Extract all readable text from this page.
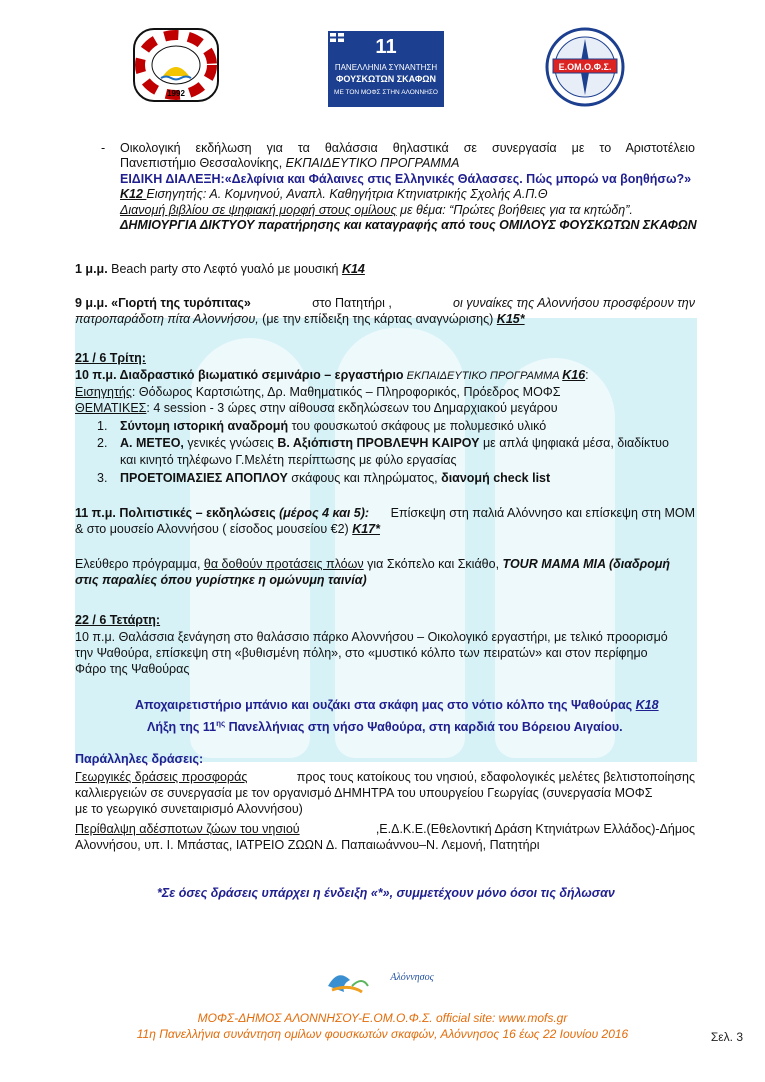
1992
11
ΠΑΝΕΛΛΗΝΙΑ ΣΥΝΑΝΤΗΣΗ
ΦΟΥΣΚΩΤΩΝ ΣΚΑΦΩΝ
ΜΕ ΤΟΝ ΜΟΦΣ ΣΤΗΝ ΑΛΟΝΝΗΣΟ
Ε.ΟΜ.Ο.Φ.Σ.
- Οικολογική εκδήλωση για τα θαλάσσια θηλαστικά σε συνεργασία με το Αριστοτέλειο
Πανεπιστήμιο Θεσσαλονίκης, ΕΚΠΑΙΔΕΥΤΙΚΟ ΠΡΟΓΡΑΜΜΑ
ΕΙΔΙΚΗ ΔΙΑΛΕΞΗ:«Δελφίνια και Φάλαινες στις Ελληνικές Θάλασσες. Πώς μπορώ να βοηθήσω?»
Κ12 Εισηγητής: Α. Κομνηνού, Αναπλ. Καθηγήτρια Κτηνιατρικής Σχολής Α.Π.Θ
Διανομή βιβλίου σε ψηφιακή μορφή στους ομίλους με θέμα: “Πρώτες βοήθειες για τα κητώδη”.
ΔΗΜΙΟΥΡΓΙΑ ΔΙΚΤΥΟΥ παρατήρησης και καταγραφής από τους ΟΜΙΛΟΥΣ ΦΟΥΣΚΩΤΩΝ ΣΚΑΦΩΝ
1 μ.μ. Beach party στο Λεφτό γυαλό με μουσική Κ14
9 μ.μ. «Γιορτή της τυρόπιτας»	στο Πατητήρι ,	οι γυναίκες της Αλοννήσου προσφέρουν την
πατροπαράδοτη πίτα Αλοννήσου, (με την επίδειξη της κάρτας αναγνώρισης) Κ15*
21 / 6 Τρίτη:
10 π.μ. Διαδραστικό βιωματικό σεμινάριο – εργαστήριο ΕΚΠΑΙΔΕΥΤΙΚΟ ΠΡΟΓΡΑΜΜΑ Κ16:
Εισηγητής: Θόδωρος Καρτσιώτης, Δρ. Μαθηματικός – Πληροφορικός, Πρόεδρος ΜΟΦΣ
ΘΕΜΑΤΙΚΕΣ: 4 session - 3 ώρες στην αίθουσα εκδηλώσεων του Δημαρχιακού μεγάρου
1. Σύντομη ιστορική αναδρομή του φουσκωτού σκάφους με πολυμεσικό υλικό
2. Α. ΜΕΤΕΟ, γενικές γνώσεις Β. Αξιόπιστη ΠΡΟΒΛΕΨΗ ΚΑΙΡΟΥ με απλά ψηφιακά μέσα, διαδίκτυο
και κινητό τηλέφωνο Γ.Μελέτη περίπτωσης με φύλο εργασίας
3. ΠΡΟΕΤΟΙΜΑΣΙΕΣ ΑΠΟΠΛΟΥ σκάφους και πληρώματος, διανομή check list
11 π.μ. Πολιτιστικές – εκδηλώσεις (μέρος 4 και 5): Επίσκεψη στη παλιά Αλόννησο και επίσκεψη στη ΜΟΜ
& στο μουσείο Αλοννήσου ( είσοδος μουσείου €2) Κ17*
Ελεύθερο πρόγραμμα, θα δοθούν προτάσεις πλόων για Σκόπελο και Σκιάθο, TOUR MAMA MIA (διαδρομή
στις παραλίες όπου γυρίστηκε η ομώνυμη ταινία)
22 / 6 Τετάρτη:
10 π.μ. Θαλάσσια ξενάγηση στο θαλάσσιο πάρκο Αλοννήσου – Οικολογικό εργαστήρι, με τελικό προορισμό
την Ψαθούρα, επίσκεψη στη «βυθισμένη πόλη», στο «μυστικό κόλπο των πειρατών» και στον περίφημο
Φάρο της Ψαθούρας
Αποχαιρετιστήριο μπάνιο και ουζάκι στα σκάφη μας στο νότιο κόλπο της Ψαθούρας Κ18
Λήξη της $11^{\eta\varsigma}$ Πανελλήνιας στη νήσο Ψαθούρα, στη καρδιά του Βόρειου Αιγαίου.
Παράλληλες δράσεις:
Γεωργικές δράσεις προσφοράς	προς τους κατοίκους του νησιού, εδαφολογικές μελέτες βελτιστοποίησης
καλλιεργειών σε συνεργασία με τον οργανισμό ΔΗΜΗΤΡΑ του υπουργείου Γεωργίας (συνεργασία ΜΟΦΣ
με το γεωργικό συνεταιρισμό Αλοννήσου)
Περίθαλψη αδέσποτων ζώων του νησιού	,Ε.Δ.Κ.Ε.(Εθελοντική Δράση Κτηνιάτρων Ελλάδος)-Δήμος
Αλοννήσου, υπ. Ι. Μπάστας, ΙΑΤΡΕΙΟ ΖΩΩΝ Δ. Παπαιωάννου–Ν. Λεμονή, Πατητήρι
*Σε όσες δράσεις υπάρχει η ένδειξη «*», συμμετέχουν μόνο όσοι τις δήλωσαν
Αλόννησος
ΜΟΦΣ-ΔΗΜΟΣ ΑΛΟΝΝΗΣΟΥ-Ε.ΟΜ.Ο.Φ.Σ. official site: www.mofs.gr
11η Πανελλήνια συνάντηση ομίλων φουσκωτών σκαφών, Αλόννησος 16 έως 22 Ιουνίου 2016	Σελ. 3
